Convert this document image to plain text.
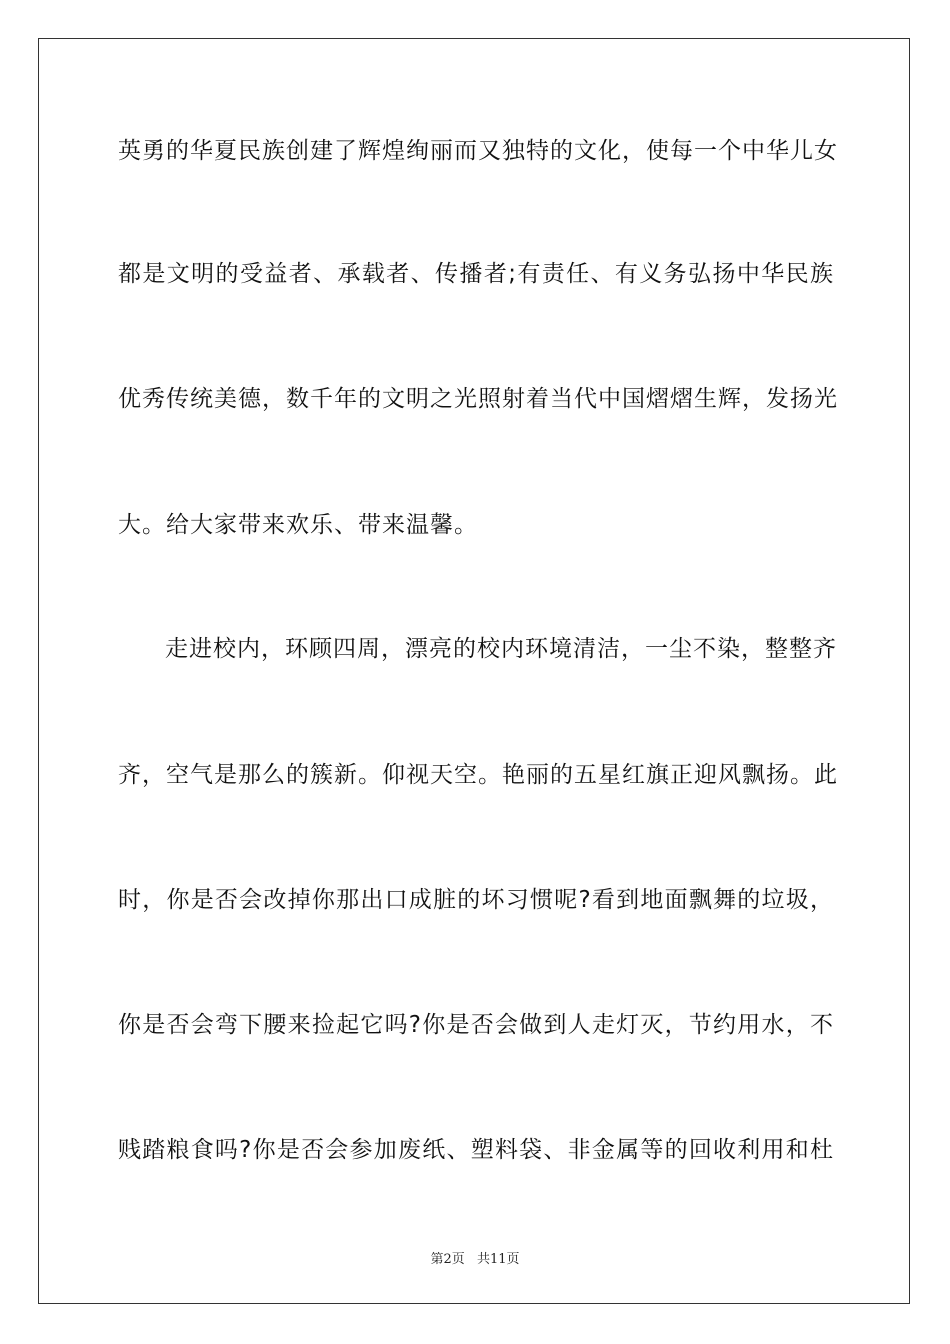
英勇的华夏民族创建了辉煌绚丽而又独特的文化，使每一个中华儿女
都是文明的受益者、承载者、传播者;有责任、有义务弘扬中华民族
优秀传统美德，数千年的文明之光照射着当代中国熠熠生辉，发扬光
大。给大家带来欢乐、带来温馨。
走进校内，环顾四周，漂亮的校内环境清洁，一尘不染，整整齐
齐，空气是那么的簇新。仰视天空。艳丽的五星红旗正迎风飘扬。此
时，你是否会改掉你那出口成脏的坏习惯呢?看到地面飘舞的垃圾，
你是否会弯下腰来捡起它吗?你是否会做到人走灯灭，节约用水，不
贱踏粮食吗?你是否会参加废纸、塑料袋、非金属等的回收利用和杜
第2页 共11页
